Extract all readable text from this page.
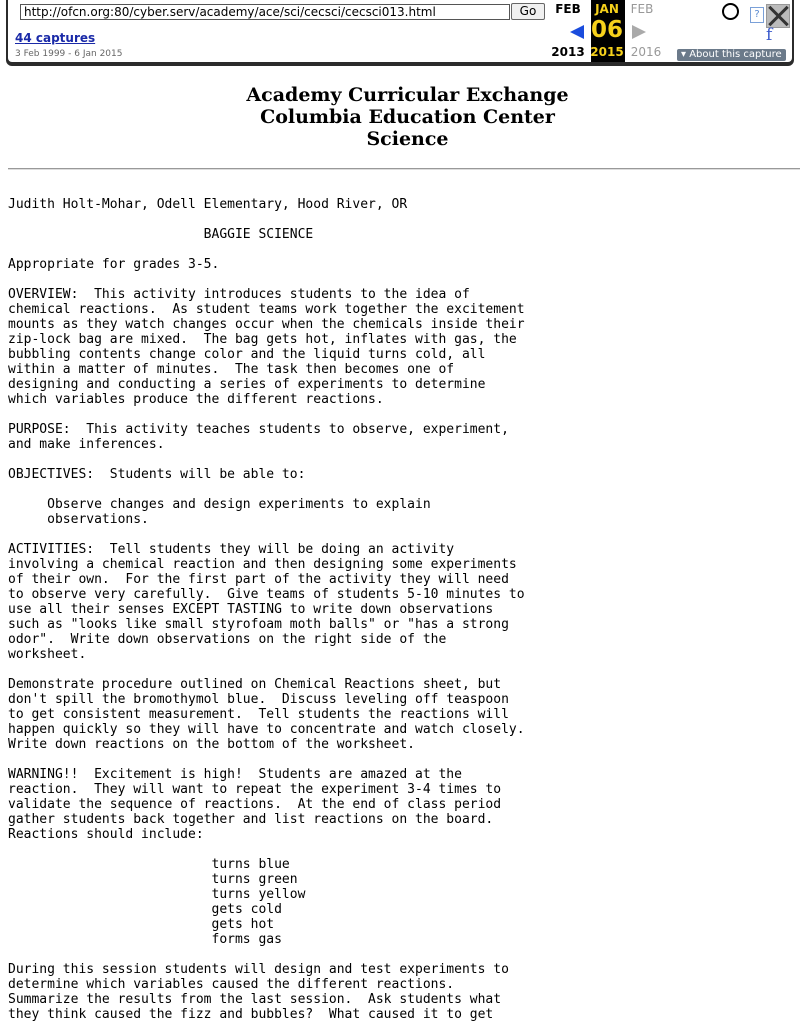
http://ofcn.org:80/cyber.serv/academy/ace/sci/cecsci/cecsci013.html
Go
44 captures
3 Feb 1999 - 6 Jan 2015
FEB	JAN FEB
06
2013 2015 2016
?
f
▾ About this capture
Academy Curricular Exchange
Columbia Education Center
Science
Judith Holt-Mohar, Odell Elementary, Hood River, OR

BAGGIE SCIENCE

Appropriate for grades 3-5.

OVERVIEW:  This activity introduces students to the idea of
chemical reactions.  As student teams work together the excitement
mounts as they watch changes occur when the chemicals inside their
zip-lock bag are mixed.  The bag gets hot, inflates with gas, the
bubbling contents change color and the liquid turns cold, all
within a matter of minutes.  The task then becomes one of
designing and conducting a series of experiments to determine
which variables produce the different reactions.

PURPOSE:  This activity teaches students to observe, experiment,
and make inferences.

OBJECTIVES:  Students will be able to:

Observe changes and design experiments to explain
observations.

ACTIVITIES:  Tell students they will be doing an activity
involving a chemical reaction and then designing some experiments
of their own.  For the first part of the activity they will need
to observe very carefully.  Give teams of students 5-10 minutes to
use all their senses EXCEPT TASTING to write down observations
such as "looks like small styrofoam moth balls" or "has a strong
odor".  Write down observations on the right side of the
worksheet.

Demonstrate procedure outlined on Chemical Reactions sheet, but
don't spill the bromothymol blue.  Discuss leveling off teaspoon
to get consistent measurement.  Tell students the reactions will
happen quickly so they will have to concentrate and watch closely.
Write down reactions on the bottom of the worksheet.

WARNING!!  Excitement is high!  Students are amazed at the
reaction.  They will want to repeat the experiment 3-4 times to
validate the sequence of reactions.  At the end of class period
gather students back together and list reactions on the board.
Reactions should include:

turns blue
turns green
turns yellow
gets cold
gets hot
forms gas

During this session students will design and test experiments to
determine which variables caused the different reactions.
Summarize the results from the last session.  Ask students what
they think caused the fizz and bubbles?  What caused it to get
